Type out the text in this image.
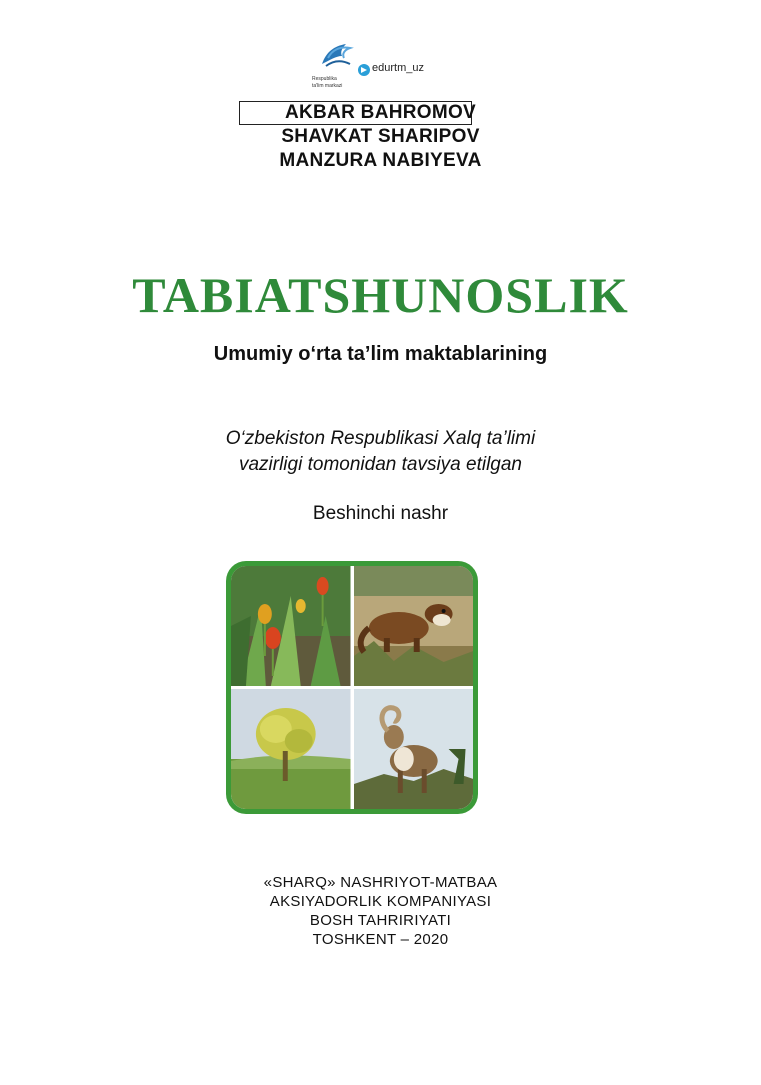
edurtm_uz
Respublika
ta'lim markazi
AKBAR BAHROMOV
SHAVKAT SHARIPOV
MANZURA NABIYEVA
TABIATSHUNOSLIK
Umumiy o‘rta ta’lim maktablarining
O‘zbekiston Respublikasi Xalq ta’limi
vazirligi tomonidan tavsiya etilgan
Beshinchi nashr
«SHARQ» NASHRIYOT-MATBAA
AKSIYADORLIK KOMPANIYASI
BOSH TAHRIRIYATI
TOSHKENT – 2020
